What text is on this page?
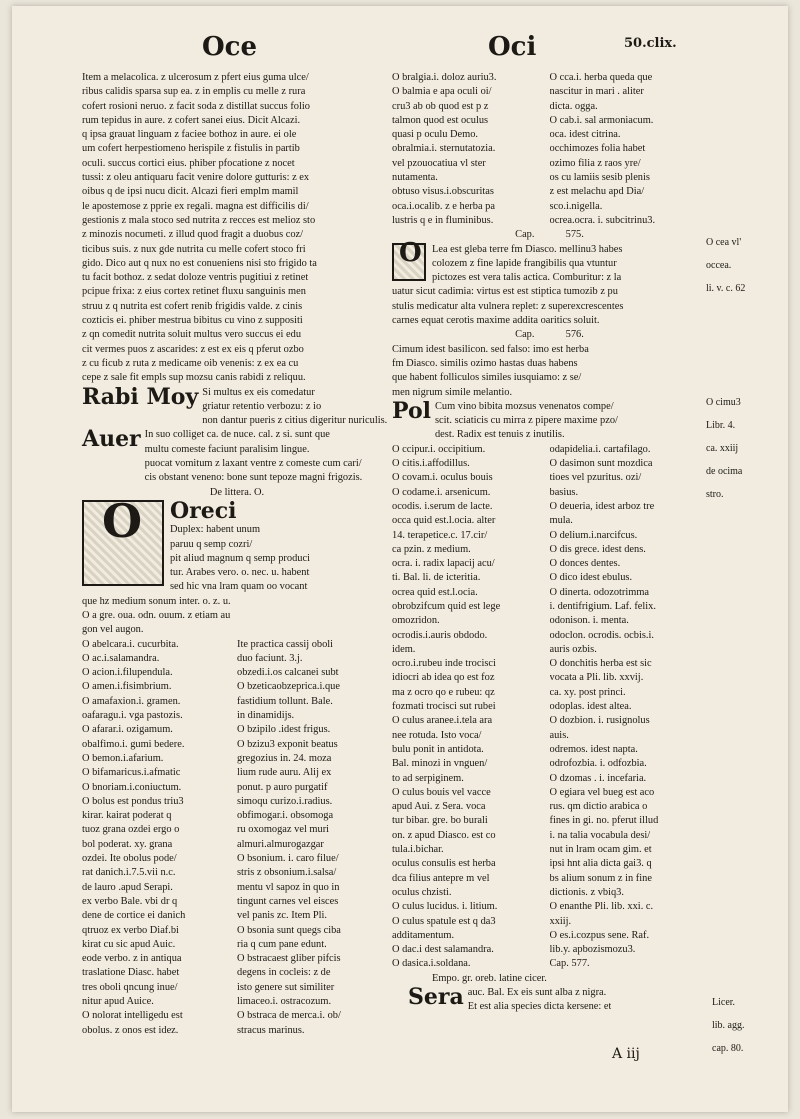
Oce	Oci	50.clix.

Item a melacolica. z ulcerosum z pfert eius guma ulce/

ribus calidis sparsa sup ea. z in emplis cu melle z rura

cofert rosioni neruo. z facit soda z distillat succus folio

rum tepidus in aure. z cofert sanei eius. Dicit Alcazi.

q ipsa grauat linguam z faciee bothoz in aure. ei ole

um cofert herpestiomeno herispile z fistulis in partib

oculi. succus cortici eius. phiber pfocatione z nocet

tussi: z oleu antiquaru facit venire dolore gutturis: z ex

oibus q de ipsi nucu dicit. Alcazi fieri emplm mamil

le apostemose z pprie ex regali. magna est difficilis di/

gestionis z mala stoco sed nutrita z recces est melioz sto

z minozis nocumeti. z illud quod fragit a duobus coz/

ticibus suis. z nux gde nutrita cu melle cofert stoco fri

gido. Dico aut q nux no est conueniens nisi sto frigido ta

tu facit bothoz. z sedat doloze ventris pugitiui z retinet

pcipue frixa: z eius cortex retinet fluxu sanguinis men

struu z q nutrita est cofert renib frigidis valde. z cinis

cozticis ei. phiber mestrua bibitus cu vino z suppositi

z qn comedit nutrita soluit multus vero succus ei edu

cit vermes puos z ascarides: z est ex eis q pferut ozbo

z cu ficub z ruta z medicame oib venenis: z ex ea cu

cepe z sale fit empls sup mozsu canis rabidi z reliquu.

Rabi Moy Si multus ex eis comedatur

griatur retentio verbozu: z io

non dantur pueris z citius digeritur nuriculis.

Auer In suo colliget ca. de nuce. cal. z si. sunt que

multu comeste faciunt paralisim lingue.

puocat vomitum z laxant ventre z comeste cum cari/

cis obstant veneno: bone sunt tepoze magni frigozis.

De littera. O.

O Oreci

Duplex: habent unum

paruu q semp cozri/

pit aliud magnum q semp produci

tur. Arabes vero. o. nec. u. habent

sed hic vna lram quam oo vocant

que hz medium sonum inter. o. z. u.

O a gre. oua. odn. ouum. z etiam au

gon vel augon.

O abelcara.i. cucurbita.

O ac.i.salamandra.

O acion.i.filupendula.

O amen.i.fisimbrium.

O amafaxion.i. gramen.

oafaragu.i. vga pastozis.

O afarar.i. ozigamum.

obalfimo.i. gumi bedere.

O bemon.i.afarium.

O bifamaricus.i.afmatic

O bnoriam.i.coniuctum.

O bolus est pondus triu3

kirar. kairat poderat q

tuoz grana ozdei ergo o

bol poderat. xy. grana

ozdei. Ite obolus pode/

rat danich.i.7.5.vii n.c.

de lauro .apud Serapi.

ex verbo Bale. vbi dr q

dene de cortice ei danich

qtruoz ex verbo Diaf.bi

kirat cu sic apud Auic.

eode verbo. z in antiqua

traslatione Diasc. habet

tres oboli qncung inue/

nitur apud Auice.

O nolorat intelligedu est

obolus. z onos est idez.

Ite practica cassij oboli

duo faciunt. 3.j.

obzedi.i.os calcanei subt

O bzeticaobzeprica.i.que

fastidium tollunt. Bale.

in dinamidijs.

O bzipilo .idest frigus.

O bzizu3 exponit beatus

gregozius in. 24. moza

lium rude auru. Alij ex

ponut. p auro purgatif

simoqu curizo.i.radius.

obfimogar.i. obsomoga

ru oxomogaz vel muri

almuri.almurogazgar

O bsonium. i. caro filue/

stris z obsonium.i.salsa/

mentu vl sapoz in quo in

tingunt carnes vel eisces

vel panis zc. Item Pli.

O bsonia sunt quegs ciba

ria q cum pane edunt.

O bstracaest gliber pifcis

degens in cocleis: z de

isto genere sut similiter

limaceo.i. ostracozum.

O bstraca de merca.i. ob/

stracus marinus.

O bralgia.i. doloz auriu3.

O balmia e apa oculi oi/

cru3 ab ob quod est p z

talmon quod est oculus

quasi p oculu Demo.

obralmia.i. sternutatozia.

vel pzouocatiua vl ster

nutamenta.

obtuso visus.i.obscuritas

oca.i.ocalib. z e herba pa

lustris q e in fluminibus.

O cca.i. herba queda que

nascitur in mari . aliter

dicta. ogga.

O cab.i. sal armoniacum.

oca. idest citrina.

occhimozes folia habet

ozimo filia z raos yre/

os cu lamiis sesib plenis

z est melachu apd Dia/

sco.i.nigella.

ocrea.ocra. i. subcitrinu3.

Cap.	575.

O Lea est gleba terre fm Diasco. mellinu3 habes

colozem z fine lapide frangibilis qua vtuntur

pictozes est vera talis actica. Comburitur: z la

uatur sicut cadimia: virtus est est stiptica tumozib z pu

stulis medicatur alta vulnera replet: z superexcrescentes

carnes equat cerotis maxime addita oaritics soluit.

Cap.	576.

Cimum idest basilicon. sed falso: imo est herba

fm Diasco. similis ozimo hastas duas habens

que habent folliculos similes iusquiamo: z se/

men nigrum simile melantio.

Pol Cum vino bibita mozsus venenatos compe/

scit. sciaticis cu mirra z pipere maxime pzo/

dest. Radix est tenuis z inutilis.

O ccipur.i. occipitium.

O citis.i.affodillus.

O covam.i. oculus bouis

O codame.i. arsenicum.

ocodis. i.serum de lacte.

occa quid est.l.ocia. alter

14. terapetice.c. 17.cir/

ca pzin. z medium.

ocra. i. radix lapacij acu/

ti. Bal. li. de icteritia.

ocrea quid est.l.ocia.

obrobzifcum quid est lege

omozridon.

ocrodis.i.auris obdodo.

idem.

ocro.i.rubeu inde trocisci

idiocri ab idea qo est foz

ma z ocro qo e rubeu: qz

fozmati trocisci sut rubei

O culus aranee.i.tela ara

nee rotuda. Isto voca/

bulu ponit in antidota.

Bal. minozi in vnguen/

to ad serpiginem.

O culus bouis vel vacce

apud Aui. z Sera. voca

tur bibar. gre. bo burali

on. z apud Diasco. est co

tula.i.bichar.

oculus consulis est herba

dca filius antepre m vel

oculus chzisti.

O culus lucidus. i. litium.

O culus spatule est q da3

additamentum.

O dac.i dest salamandra.

O dasica.i.soldana.

odapidelia.i. cartafilago.

O dasimon sunt mozdica

tioes vel pzuritus. ozi/

basius.

O deueria, idest arboz tre

mula.

O delium.i.narcifcus.

O dis grece. idest dens.

O donces dentes.

O dico idest ebulus.

O dinerta. odozotrimma

i. dentifrigium. Laf. felix.

odonison. i. menta.

odoclon. ocrodis. ocbis.i.

auris ozbis.

O donchitis herba est sic

vocata a Pli. lib. xxvij.

ca. xy. post princi.

odoplas. idest altea.

O dozbion. i. rusignolus

auis.

odremos. idest napta.

odrofozbia. i. odfozbia.

O dzomas . i. incefaria.

O egiara vel bueg est aco

rus. qm dictio arabica o

fines in gi. no. pferut illud

i. na talia vocabula desi/

nut in lram ocam gim. et

ipsi hnt alia dicta gai3. q

bs alium sonum z in fine

dictionis. z vbiq3.

O enanthe Pli. lib. xxi. c.

xxiij.

O es.i.cozpus sene. Raf.

lib.y. apbozismozu3.

Cap. 577.

Empo. gr. oreb. latine cicer.

Sera auc. Bal. Ex eis sunt alba z nigra.

Et est alia species dicta kersene: et

O cea vl'

occea.

li. v. c. 62

O cimu3

Libr. 4.

ca. xxiij

de ocima

stro.

Licer.

lib. agg.

cap. 80.

A iij
